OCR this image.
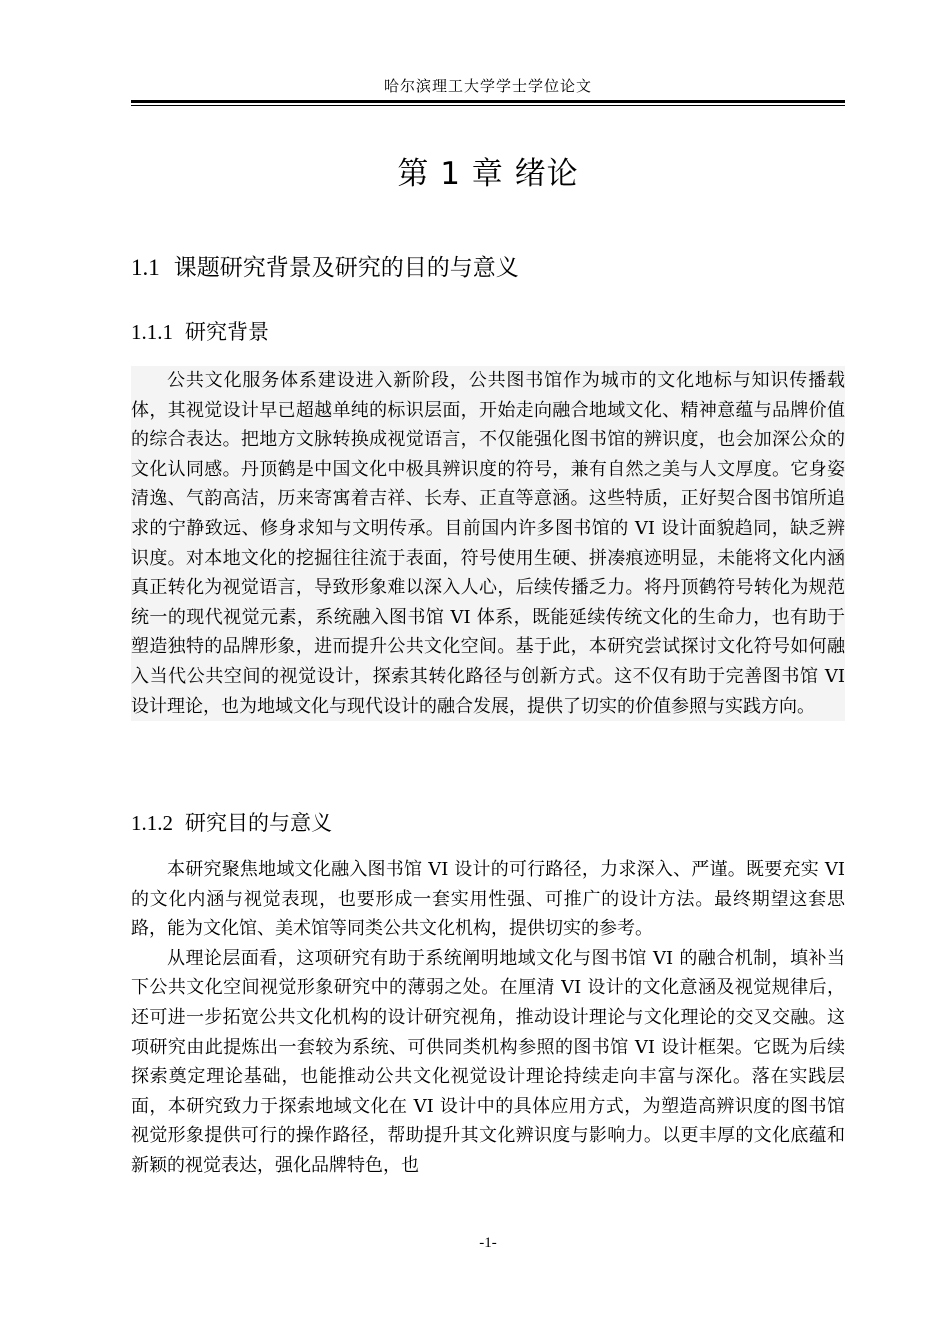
哈尔滨理工大学学士学位论文
第 1 章 绪论
1.1 课题研究背景及研究的目的与意义
1.1.1 研究背景

公共文化服务体系建设进入新阶段，公共图书馆作为城市的文化地标与知识传播载体，其视觉设计早已超越单纯的标识层面，开始走向融合地域文化、精神意蕴与品牌价值的综合表达。把地方文脉转换成视觉语言，不仅能强化图书馆的辨识度，也会加深公众的文化认同感。丹顶鹤是中国文化中极具辨识度的符号，兼有自然之美与人文厚度。它身姿清逸、气韵高洁，历来寄寓着吉祥、长寿、正直等意涵。这些特质，正好契合图书馆所追求的宁静致远、修身求知与文明传承。目前国内许多图书馆的 VI 设计面貌趋同，缺乏辨识度。对本地文化的挖掘往往流于表面，符号使用生硬、拼凑痕迹明显，未能将文化内涵真正转化为视觉语言，导致形象难以深入人心，后续传播乏力。将丹顶鹤符号转化为规范统一的现代视觉元素，系统融入图书馆 VI 体系，既能延续传统文化的生命力，也有助于塑造独特的品牌形象，进而提升公共文化空间。基于此，本研究尝试探讨文化符号如何融入当代公共空间的视觉设计，探索其转化路径与创新方式。这不仅有助于完善图书馆 VI 设计理论，也为地域文化与现代设计的融合发展，提供了切实的价值参照与实践方向。

1.1.2 研究目的与意义

本研究聚焦地域文化融入图书馆 VI 设计的可行路径，力求深入、严谨。既要充实 VI 的文化内涵与视觉表现，也要形成一套实用性强、可推广的设计方法。最终期望这套思路，能为文化馆、美术馆等同类公共文化机构，提供切实的参考。

从理论层面看，这项研究有助于系统阐明地域文化与图书馆 VI 的融合机制，填补当下公共文化空间视觉形象研究中的薄弱之处。在厘清 VI 设计的文化意涵及视觉规律后，还可进一步拓宽公共文化机构的设计研究视角，推动设计理论与文化理论的交叉交融。这项研究由此提炼出一套较为系统、可供同类机构参照的图书馆 VI 设计框架。它既为后续探索奠定理论基础，也能推动公共文化视觉设计理论持续走向丰富与深化。落在实践层面，本研究致力于探索地域文化在 VI 设计中的具体应用方式，为塑造高辨识度的图书馆视觉形象提供可行的操作路径，帮助提升其文化辨识度与影响力。以更丰厚的文化底蕴和新颖的视觉表达，强化品牌特色，也

-1-
